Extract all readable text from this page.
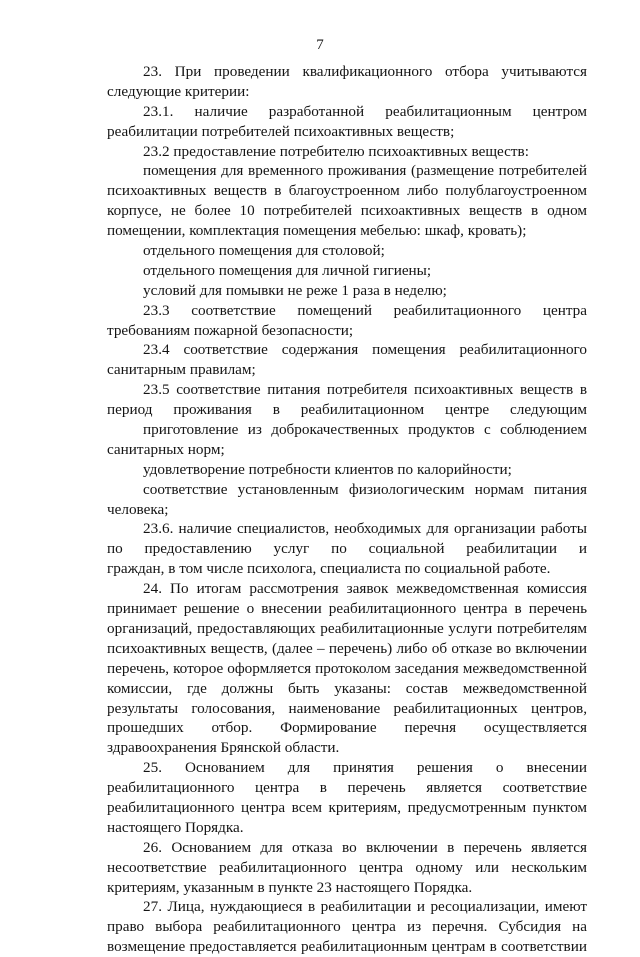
7
23. При проведении квалификационного отбора учитываются
следующие критерии:
23.1. наличие разработанной реабилитационным центром
реабилитации потребителей психоактивных веществ;
23.2 предоставление потребителю психоактивных веществ:
помещения для временного проживания (размещение потребителей
психоактивных веществ в благоустроенном либо полублагоустроенном
корпусе, не более 10 потребителей психоактивных веществ в одном
помещении, комплектация помещения мебелью: шкаф, кровать);
отдельного помещения для столовой;
отдельного помещения для личной гигиены;
условий для помывки не реже 1 раза в неделю;
23.3 соответствие помещений реабилитационного центра
требованиям пожарной безопасности;
23.4 соответствие содержания помещения реабилитационного
санитарным правилам;
23.5 соответствие питания потребителя психоактивных веществ в
период проживания в реабилитационном центре следующим
приготовление из доброкачественных продуктов с соблюдением
санитарных норм;
удовлетворение потребности клиентов по калорийности;
соответствие установленным физиологическим нормам питания
человека;
23.6. наличие специалистов, необходимых для организации работы
по предоставлению услуг по социальной реабилитации и
граждан, в том числе психолога, специалиста по социальной работе.
24. По итогам рассмотрения заявок межведомственная комиссия
принимает решение о внесении реабилитационного центра в перечень
организаций, предоставляющих реабилитационные услуги потребителям
психоактивных веществ, (далее – перечень) либо об отказе во включении
перечень, которое оформляется протоколом заседания межведомственной
комиссии, где должны быть указаны: состав межведомственной
результаты голосования, наименование реабилитационных центров,
прошедших отбор. Формирование перечня осуществляется
здравоохранения Брянской области.
25. Основанием для принятия решения о внесении
реабилитационного центра в перечень является соответствие
реабилитационного центра всем критериям, предусмотренным пунктом
настоящего Порядка.
26. Основанием для отказа во включении в перечень является
несоответствие реабилитационного центра одному или нескольким
критериям, указанным в пункте 23 настоящего Порядка.
27. Лица, нуждающиеся в реабилитации и ресоциализации, имеют
право выбора реабилитационного центра из перечня. Субсидия на
возмещение предоставляется реабилитационным центрам в соответствии
